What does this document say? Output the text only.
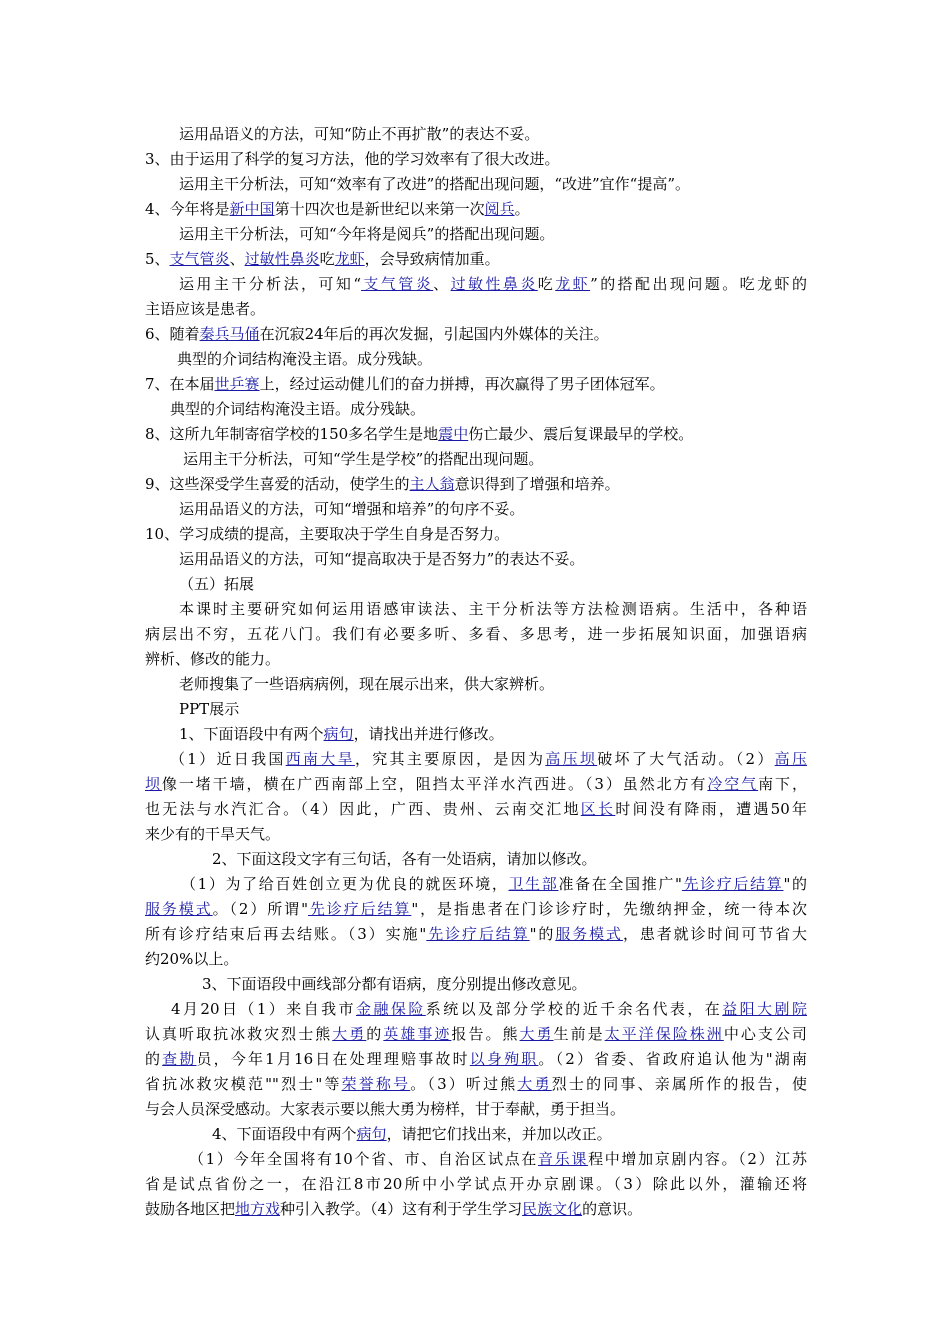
运用品语义的方法，可知“防止不再扩散”的表达不妥。
3、由于运用了科学的复习方法，他的学习效率有了很大改进。
运用主干分析法，可知“效率有了改进”的搭配出现问题，“改进”宜作“提高”。
4、今年将是新中国第十四次也是新世纪以来第一次阅兵。
运用主干分析法，可知“今年将是阅兵”的搭配出现问题。
5、支气管炎、过敏性鼻炎吃龙虾，会导致病情加重。
运用主干分析法，可知“支气管炎、过敏性鼻炎吃龙虾”的搭配出现问题。吃龙虾的
主语应该是患者。
6、随着秦兵马俑在沉寂24年后的再次发掘，引起国内外媒体的关注。
典型的介词结构淹没主语。成分残缺。
7、在本届世乒赛上，经过运动健儿们的奋力拼搏，再次赢得了男子团体冠军。
典型的介词结构淹没主语。成分残缺。
8、这所九年制寄宿学校的150多名学生是地震中伤亡最少、震后复课最早的学校。
运用主干分析法，可知“学生是学校”的搭配出现问题。
9、这些深受学生喜爱的活动，使学生的主人翁意识得到了增强和培养。
运用品语义的方法，可知“增强和培养”的句序不妥。
10、学习成绩的提高，主要取决于学生自身是否努力。
运用品语义的方法，可知“提高取决于是否努力”的表达不妥。
（五）拓展
本课时主要研究如何运用语感审读法、主干分析法等方法检测语病。生活中，各种语
病层出不穷，五花八门。我们有必要多听、多看、多思考，进一步拓展知识面，加强语病
辨析、修改的能力。
老师搜集了一些语病病例，现在展示出来，供大家辨析。
PPT展示
1、下面语段中有两个病句，请找出并进行修改。
（1）近日我国西南大旱，究其主要原因，是因为高压坝破坏了大气活动。（2）高压
坝像一堵干墙，横在广西南部上空，阻挡太平洋水汽西进。（3）虽然北方有冷空气南下，
也无法与水汽汇合。（4）因此，广西、贵州、云南交汇地区长时间没有降雨，遭遇50年
来少有的干旱天气。
2、下面这段文字有三句话，各有一处语病，请加以修改。
（1）为了给百姓创立更为优良的就医环境，卫生部准备在全国推广"先诊疗后结算"的
服务模式。（2）所谓"先诊疗后结算"，是指患者在门诊诊疗时，先缴纳押金，统一待本次
所有诊疗结束后再去结账。（3）实施"先诊疗后结算"的服务模式，患者就诊时间可节省大
约20%以上。
3、下面语段中画线部分都有语病，度分别提出修改意见。
4月20日（1）来自我市金融保险系统以及部分学校的近千余名代表，在益阳大剧院
认真听取抗冰救灾烈士熊大勇的英雄事迹报告。熊大勇生前是太平洋保险株洲中心支公司
的查勘员，今年1月16日在处理理赔事故时以身殉职。（2）省委、省政府追认他为"湖南
省抗冰救灾模范""烈士"等荣誉称号。（3）听过熊大勇烈士的同事、亲属所作的报告，使
与会人员深受感动。大家表示要以熊大勇为榜样，甘于奉献，勇于担当。
4、下面语段中有两个病句，请把它们找出来，并加以改正。
（1）今年全国将有10个省、市、自治区试点在音乐课程中增加京剧内容。（2）江苏
省是试点省份之一，在沿江8市20所中小学试点开办京剧课。（3）除此以外，灌输还将
鼓励各地区把地方戏种引入教学。（4）这有利于学生学习民族文化的意识。
